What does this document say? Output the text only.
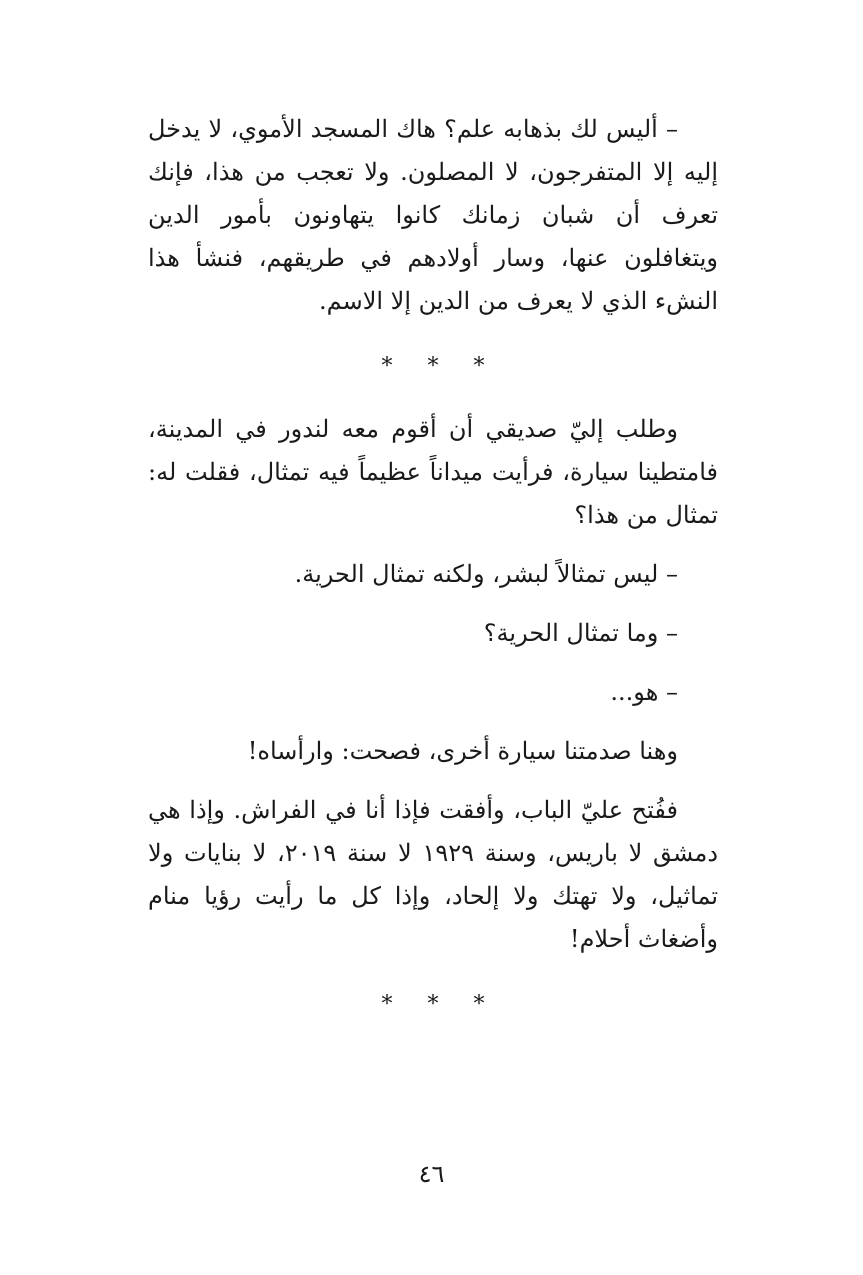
– أليس لك بذهابه علم؟ هاك المسجد الأموي، لا يدخل إليه إلا المتفرجون، لا المصلون. ولا تعجب من هذا، فإنك تعرف أن شبان زمانك كانوا يتهاونون بأمور الدين ويتغافلون عنها، وسار أولادهم في طريقهم، فنشأ هذا النشء الذي لا يعرف من الدين إلا الاسم.

* * *

وطلب إليّ صديقي أن أقوم معه لندور في المدينة، فامتطينا سيارة، فرأيت ميداناً عظيماً فيه تمثال، فقلت له: تمثال من هذا؟

– ليس تمثالاً لبشر، ولكنه تمثال الحرية.

– وما تمثال الحرية؟

– هو...

وهنا صدمتنا سيارة أخرى، فصحت: وارأساه!

ففُتح عليّ الباب، وأفقت فإذا أنا في الفراش. وإذا هي دمشق لا باريس، وسنة ١٩٢٩ لا سنة ٢٠١٩، لا بنايات ولا تماثيل، ولا تهتك ولا إلحاد، وإذا كل ما رأيت رؤيا منام وأضغاث أحلام!

* * *

٤٦
